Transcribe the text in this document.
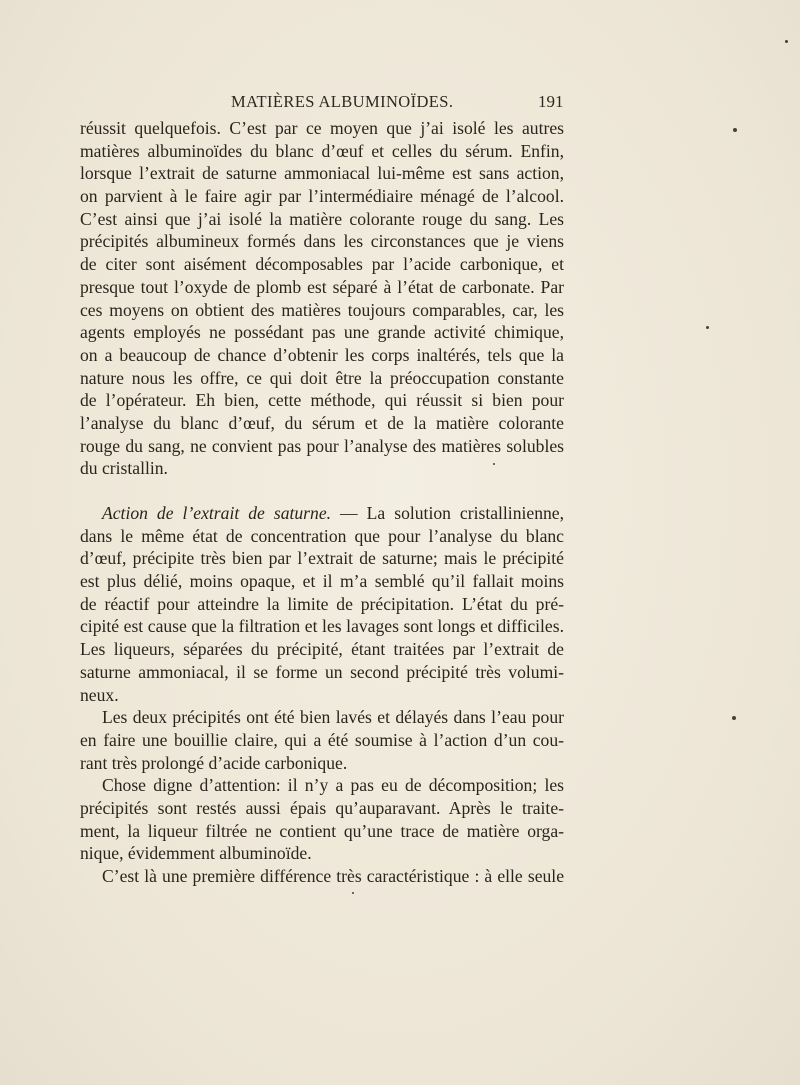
MATIÈRES ALBUMINOÏDES.	191
réussit quelquefois. C’est par ce moyen que j’ai isolé les autres
matières albuminoïdes du blanc d’œuf et celles du sérum. Enfin,
lorsque l’extrait de saturne ammoniacal lui-même est sans action,
on parvient à le faire agir par l’intermédiaire ménagé de l’alcool.
C’est ainsi que j’ai isolé la matière colorante rouge du sang. Les
précipités albumineux formés dans les circonstances que je viens
de citer sont aisément décomposables par l’acide carbonique, et
presque tout l’oxyde de plomb est séparé à l’état de carbonate. Par
ces moyens on obtient des matières toujours comparables, car, les
agents employés ne possédant pas une grande activité chimique,
on a beaucoup de chance d’obtenir les corps inaltérés, tels que la
nature nous les offre, ce qui doit être la préoccupation constante
de l’opérateur. Eh bien, cette méthode, qui réussit si bien pour
l’analyse du blanc d’œuf, du sérum et de la matière colorante
rouge du sang, ne convient pas pour l’analyse des matières solubles
du cristallin.
Action de l’extrait de saturne. — La solution cristallinienne,
dans le même état de concentration que pour l’analyse du blanc
d’œuf, précipite très bien par l’extrait de saturne; mais le précipité
est plus délié, moins opaque, et il m’a semblé qu’il fallait moins
de réactif pour atteindre la limite de précipitation. L’état du pré-
cipité est cause que la filtration et les lavages sont longs et difficiles.
Les liqueurs, séparées du précipité, étant traitées par l’extrait de
saturne ammoniacal, il se forme un second précipité très volumi-
neux.
Les deux précipités ont été bien lavés et délayés dans l’eau pour
en faire une bouillie claire, qui a été soumise à l’action d’un cou-
rant très prolongé d’acide carbonique.
Chose digne d’attention: il n’y a pas eu de décomposition; les
précipités sont restés aussi épais qu’auparavant. Après le traite-
ment, la liqueur filtrée ne contient qu’une trace de matière orga-
nique, évidemment albuminoïde.
C’est là une première différence très caractéristique : à elle seule
